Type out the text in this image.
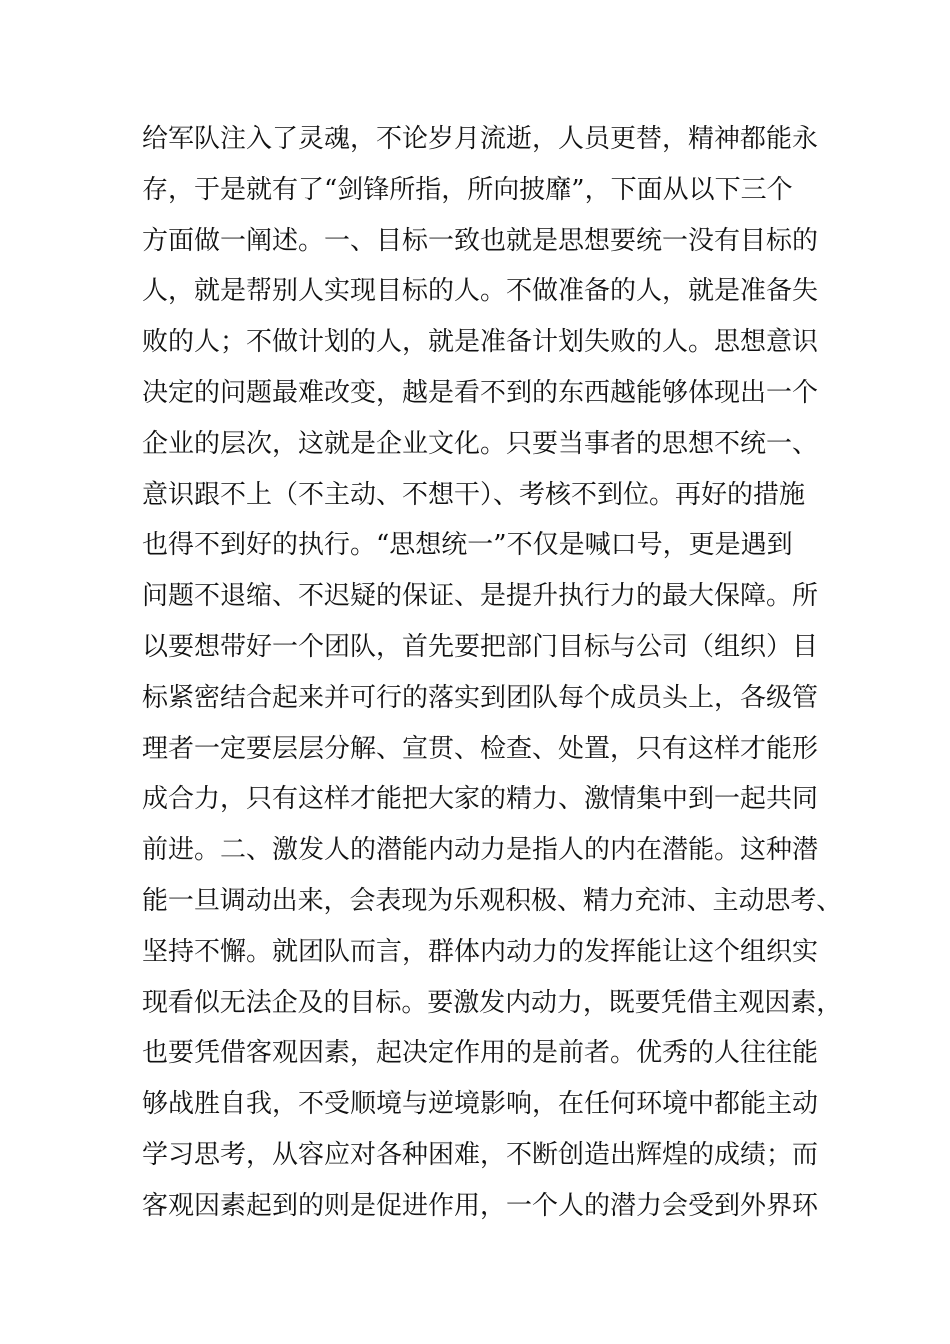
给军队注入了灵魂，不论岁月流逝，人员更替，精神都能永
存，于是就有了“剑锋所指，所向披靡”，下面从以下三个
方面做一阐述。一、目标一致也就是思想要统一没有目标的
人，就是帮别人实现目标的人。不做准备的人，就是准备失
败的人；不做计划的人，就是准备计划失败的人。思想意识
决定的问题最难改变，越是看不到的东西越能够体现出一个
企业的层次，这就是企业文化。只要当事者的思想不统一、
意识跟不上（不主动、不想干）、考核不到位。再好的措施
也得不到好的执行。“思想统一”不仅是喊口号，更是遇到
问题不退缩、不迟疑的保证、是提升执行力的最大保障。所
以要想带好一个团队，首先要把部门目标与公司（组织）目
标紧密结合起来并可行的落实到团队每个成员头上，各级管
理者一定要层层分解、宣贯、检查、处置，只有这样才能形
成合力，只有这样才能把大家的精力、激情集中到一起共同
前进。二、激发人的潜能内动力是指人的内在潜能。这种潜
能一旦调动出来，会表现为乐观积极、精力充沛、主动思考、
坚持不懈。就团队而言，群体内动力的发挥能让这个组织实
现看似无法企及的目标。要激发内动力，既要凭借主观因素，
也要凭借客观因素，起决定作用的是前者。优秀的人往往能
够战胜自我，不受顺境与逆境影响，在任何环境中都能主动
学习思考，从容应对各种困难，不断创造出辉煌的成绩；而
客观因素起到的则是促进作用，一个人的潜力会受到外界环
